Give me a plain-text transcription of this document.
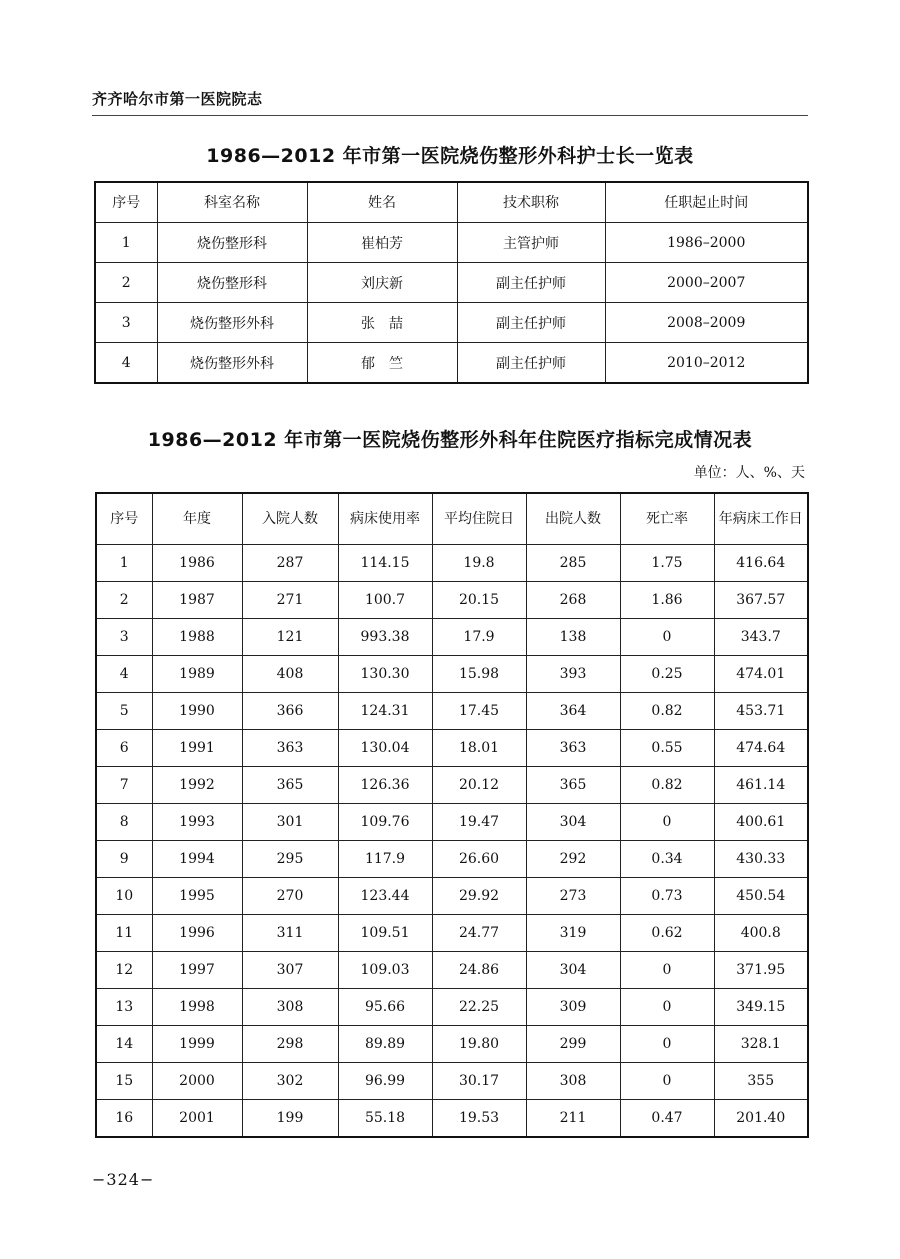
齐齐哈尔市第一医院院志
1986—2012 年市第一医院烧伤整形外科护士长一览表
序号	科室名称	姓名	技术职称	任职起止时间
1	烧伤整形科	崔柏芳	主管护师	1986–2000
2	烧伤整形科	刘庆新	副主任护师	2000–2007
3	烧伤整形外科	张　喆	副主任护师	2008–2009
4	烧伤整形外科	郁　竺	副主任护师	2010–2012
1986—2012 年市第一医院烧伤整形外科年住院医疗指标完成情况表
单位：人、%、天
序号	年度	入院人数	病床使用率	平均住院日	出院人数	死亡率	年病床工作日
1	1986	287	114.15	19.8	285	1.75	416.64
2	1987	271	100.7	20.15	268	1.86	367.57
3	1988	121	993.38	17.9	138	0	343.7
4	1989	408	130.30	15.98	393	0.25	474.01
5	1990	366	124.31	17.45	364	0.82	453.71
6	1991	363	130.04	18.01	363	0.55	474.64
7	1992	365	126.36	20.12	365	0.82	461.14
8	1993	301	109.76	19.47	304	0	400.61
9	1994	295	117.9	26.60	292	0.34	430.33
10	1995	270	123.44	29.92	273	0.73	450.54
11	1996	311	109.51	24.77	319	0.62	400.8
12	1997	307	109.03	24.86	304	0	371.95
13	1998	308	95.66	22.25	309	0	349.15
14	1999	298	89.89	19.80	299	0	328.1
15	2000	302	96.99	30.17	308	0	355
16	2001	199	55.18	19.53	211	0.47	201.40
−324−
